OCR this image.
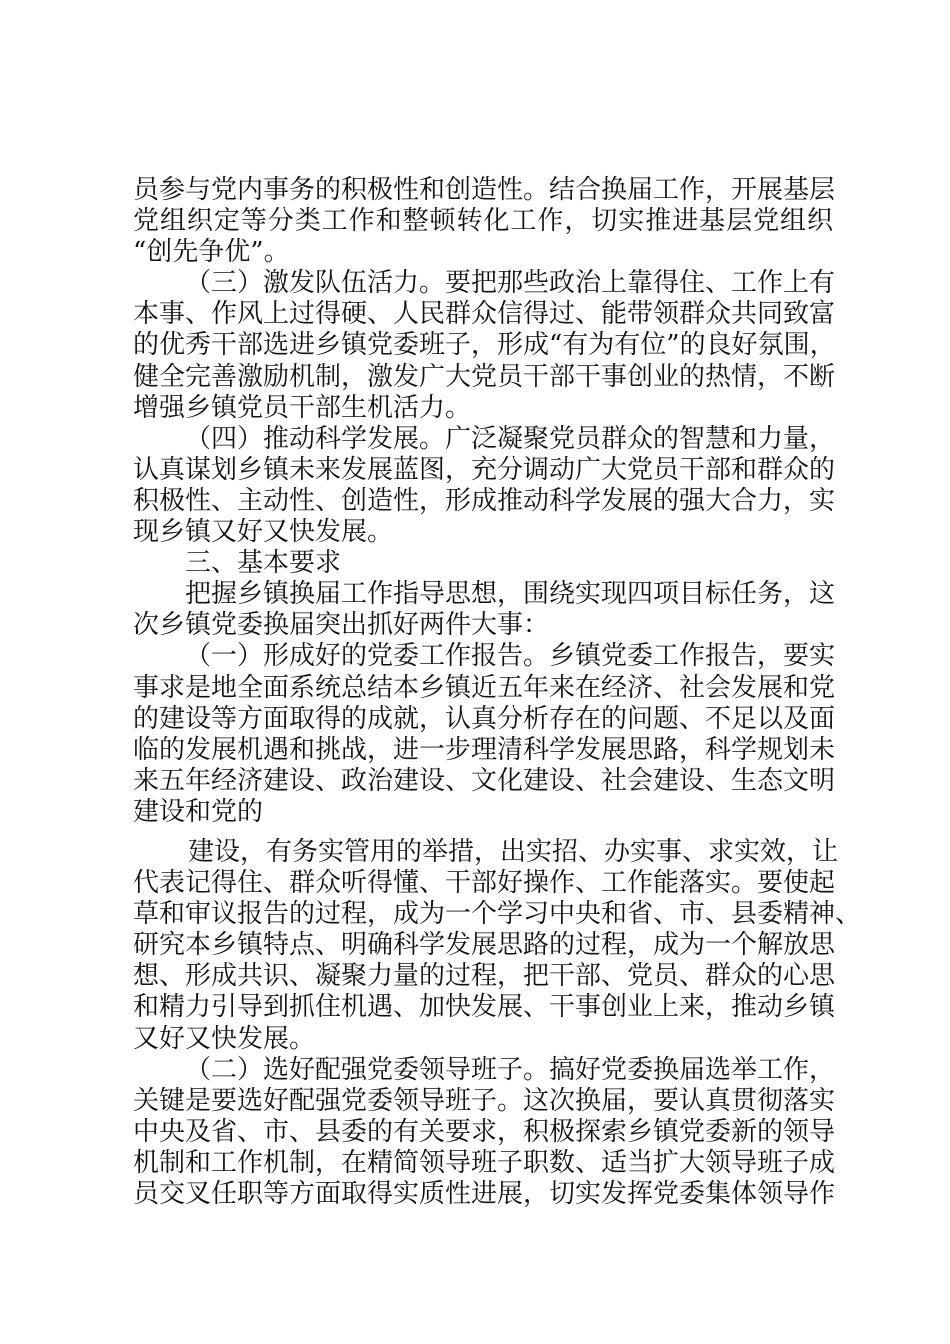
员参与党内事务的积极性和创造性。结合换届工作，开展基层
党组织定等分类工作和整顿转化工作，切实推进基层党组织
“创先争优”。
（三）激发队伍活力。要把那些政治上靠得住、工作上有
本事、作风上过得硬、人民群众信得过、能带领群众共同致富
的优秀干部选进乡镇党委班子，形成“有为有位”的良好氛围，
健全完善激励机制，激发广大党员干部干事创业的热情，不断
增强乡镇党员干部生机活力。
（四）推动科学发展。广泛凝聚党员群众的智慧和力量，
认真谋划乡镇未来发展蓝图，充分调动广大党员干部和群众的
积极性、主动性、创造性，形成推动科学发展的强大合力，实
现乡镇又好又快发展。
三、基本要求
把握乡镇换届工作指导思想，围绕实现四项目标任务，这
次乡镇党委换届突出抓好两件大事：
（一）形成好的党委工作报告。乡镇党委工作报告，要实
事求是地全面系统总结本乡镇近五年来在经济、社会发展和党
的建设等方面取得的成就，认真分析存在的问题、不足以及面
临的发展机遇和挑战，进一步理清科学发展思路，科学规划未
来五年经济建设、政治建设、文化建设、社会建设、生态文明
建设和党的
建设，有务实管用的举措，出实招、办实事、求实效，让
代表记得住、群众听得懂、干部好操作、工作能落实。要使起
草和审议报告的过程，成为一个学习中央和省、市、县委精神、
研究本乡镇特点、明确科学发展思路的过程，成为一个解放思
想、形成共识、凝聚力量的过程，把干部、党员、群众的心思
和精力引导到抓住机遇、加快发展、干事创业上来，推动乡镇
又好又快发展。
（二）选好配强党委领导班子。搞好党委换届选举工作，
关键是要选好配强党委领导班子。这次换届，要认真贯彻落实
中央及省、市、县委的有关要求，积极探索乡镇党委新的领导
机制和工作机制，在精简领导班子职数、适当扩大领导班子成
员交叉任职等方面取得实质性进展，切实发挥党委集体领导作
